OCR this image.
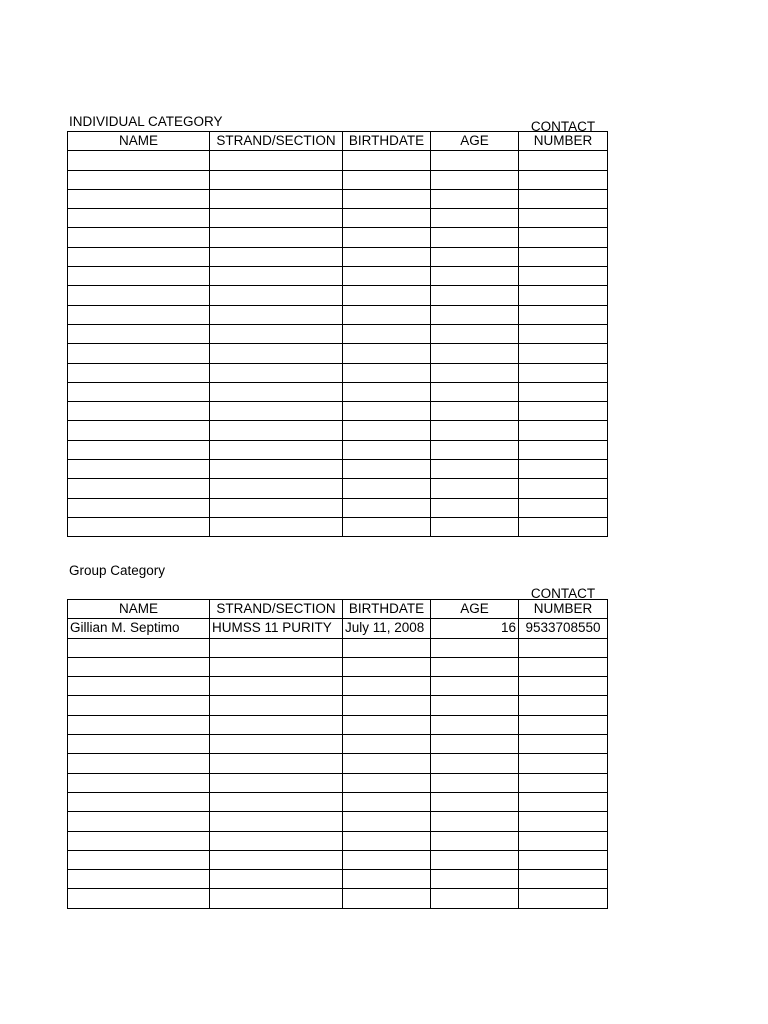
INDIVIDUAL CATEGORY	CONTACT
NAME	STRAND/SECTION	BIRTHDATE	AGE	NUMBER

Group Category
CONTACT
NAME	STRAND/SECTION	BIRTHDATE	AGE	NUMBER
Gillian M. Septimo	HUMSS 11 PURITY	July 11, 2008	16	9533708550
